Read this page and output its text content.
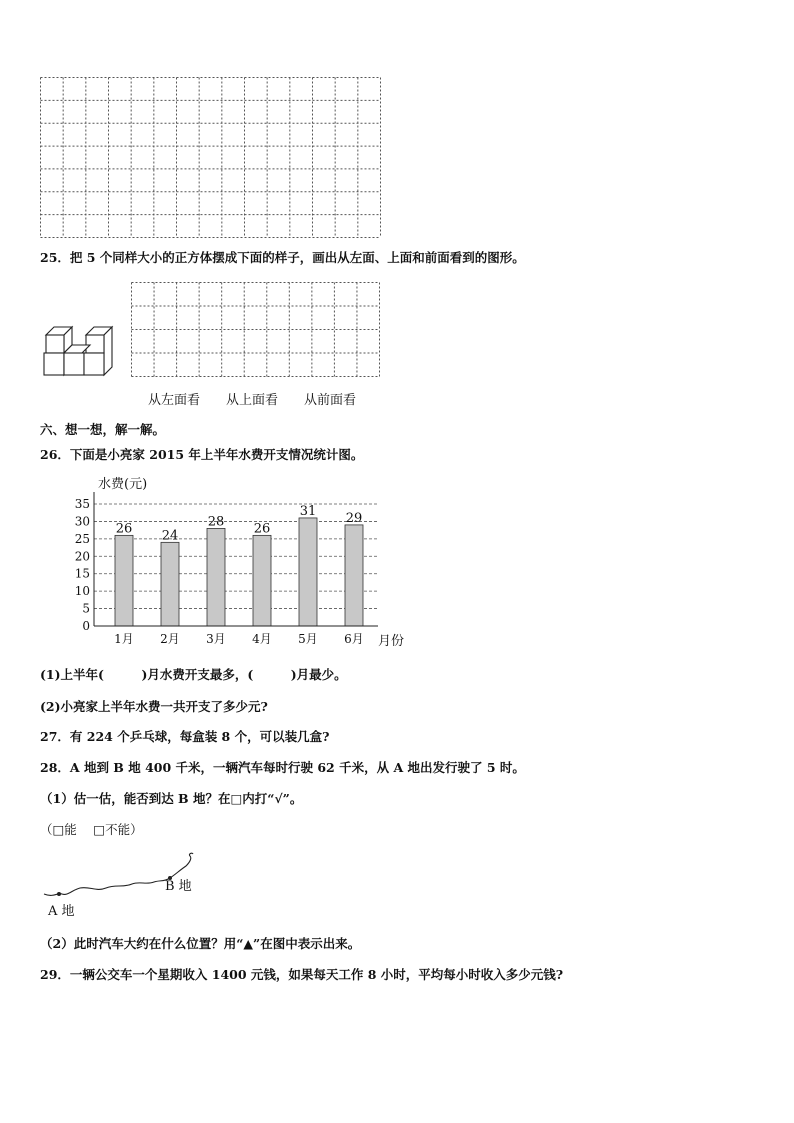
25．把 5 个同样大小的正方体摆成下面的样子，画出从左面、上面和前面看到的图形。
从左面看 从上面看 从前面看
六、想一想，解一解。
26．下面是小亮家 2015 年上半年水费开支情况统计图。
水费(元)
月份
26 24
28 26
31 29
0
5
10
15
20
25
30
35
1月 2月 3月 4月 5月 6月
(1)上半年(　　　)月水费开支最多，(　　　)月最少。
(2)小亮家上半年水费一共开支了多少元?
27．有 224 个乒乓球，每盒装 8 个，可以装几盒?
28．A 地到 B 地 400 千米，一辆汽车每时行驶 62 千米，从 A 地出发行驶了 5 时。
（1）估一估，能否到达 B 地？在□内打“√”。
（□能　 □不能）
A 地
B 地
（2）此时汽车大约在什么位置？用“▲”在图中表示出来。
29．一辆公交车一个星期收入 1400 元钱，如果每天工作 8 小时，平均每小时收入多少元钱?
